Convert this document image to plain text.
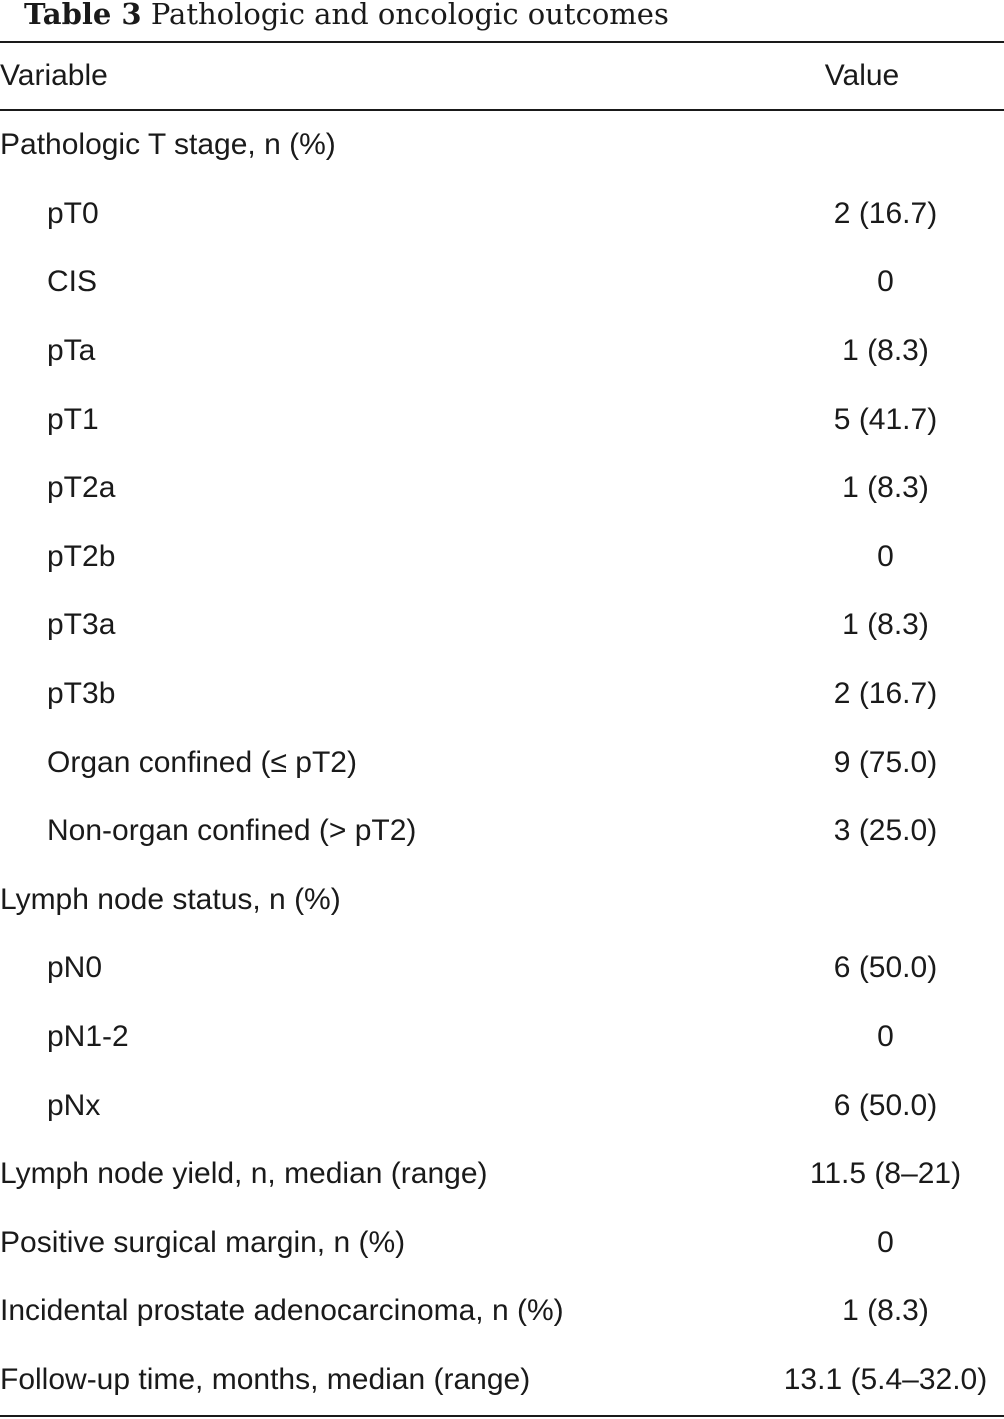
Table 3 Pathologic and oncologic outcomes
Variable	Value
Pathologic T stage, n (%)	
pT0	2 (16.7)
CIS	0
pTa	1 (8.3)
pT1	5 (41.7)
pT2a	1 (8.3)
pT2b	0
pT3a	1 (8.3)
pT3b	2 (16.7)
Organ confined (≤ pT2)	9 (75.0)
Non-organ confined (> pT2)	3 (25.0)
Lymph node status, n (%)	
pN0	6 (50.0)
pN1-2	0
pNx	6 (50.0)
Lymph node yield, n, median (range)	11.5 (8–21)
Positive surgical margin, n (%)	0
Incidental prostate adenocarcinoma, n (%)	1 (8.3)
Follow-up time, months, median (range)	13.1 (5.4–32.0)
